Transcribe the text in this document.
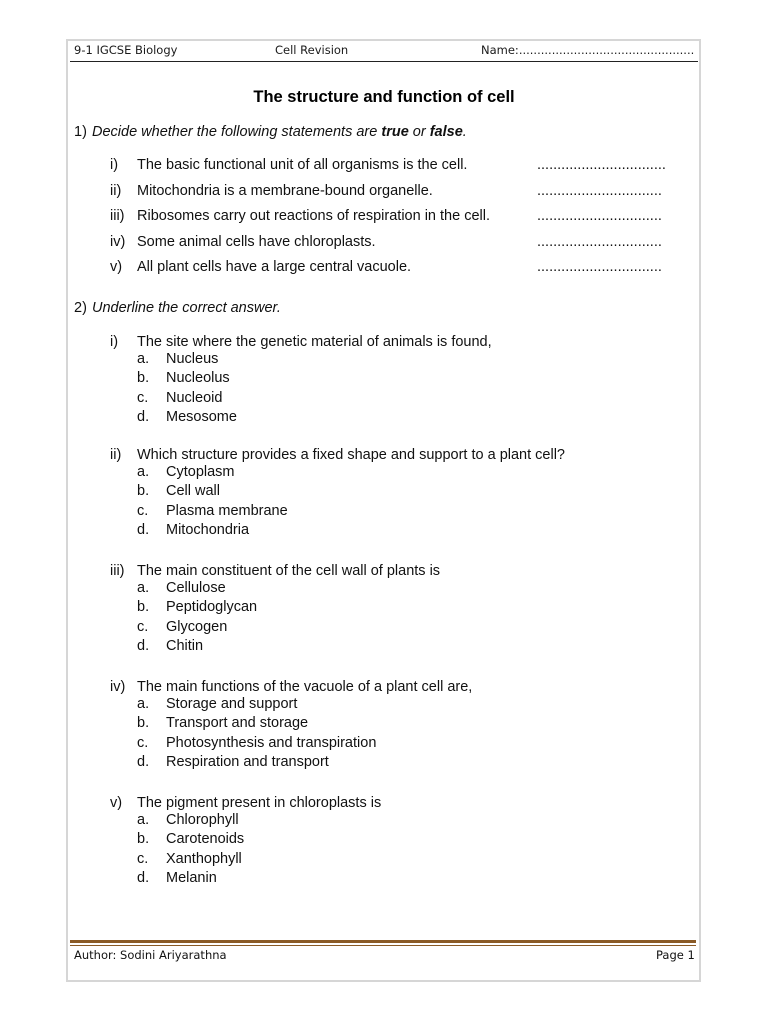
9-1 IGCSE Biology	Cell Revision	Name:................................................
The structure and function of cell
1) Decide whether the following statements are true or false.
i) The basic functional unit of all organisms is the cell.	................................
ii) Mitochondria is a membrane-bound organelle.	...............................
iii) Ribosomes carry out reactions of respiration in the cell.	...............................
iv) Some animal cells have chloroplasts.	...............................
v) All plant cells have a large central vacuole.	...............................
2) Underline the correct answer.
i) The site where the genetic material of animals is found,
a. Nucleus
b. Nucleolus
c. Nucleoid
d. Mesosome
ii) Which structure provides a fixed shape and support to a plant cell?
a. Cytoplasm
b. Cell wall
c. Plasma membrane
d. Mitochondria
iii) The main constituent of the cell wall of plants is
a. Cellulose
b. Peptidoglycan
c. Glycogen
d. Chitin
iv) The main functions of the vacuole of a plant cell are,
a. Storage and support
b. Transport and storage
c. Photosynthesis and transpiration
d. Respiration and transport
v) The pigment present in chloroplasts is
a. Chlorophyll
b. Carotenoids
c. Xanthophyll
d. Melanin
Author: Sodini Ariyarathna	Page 1
